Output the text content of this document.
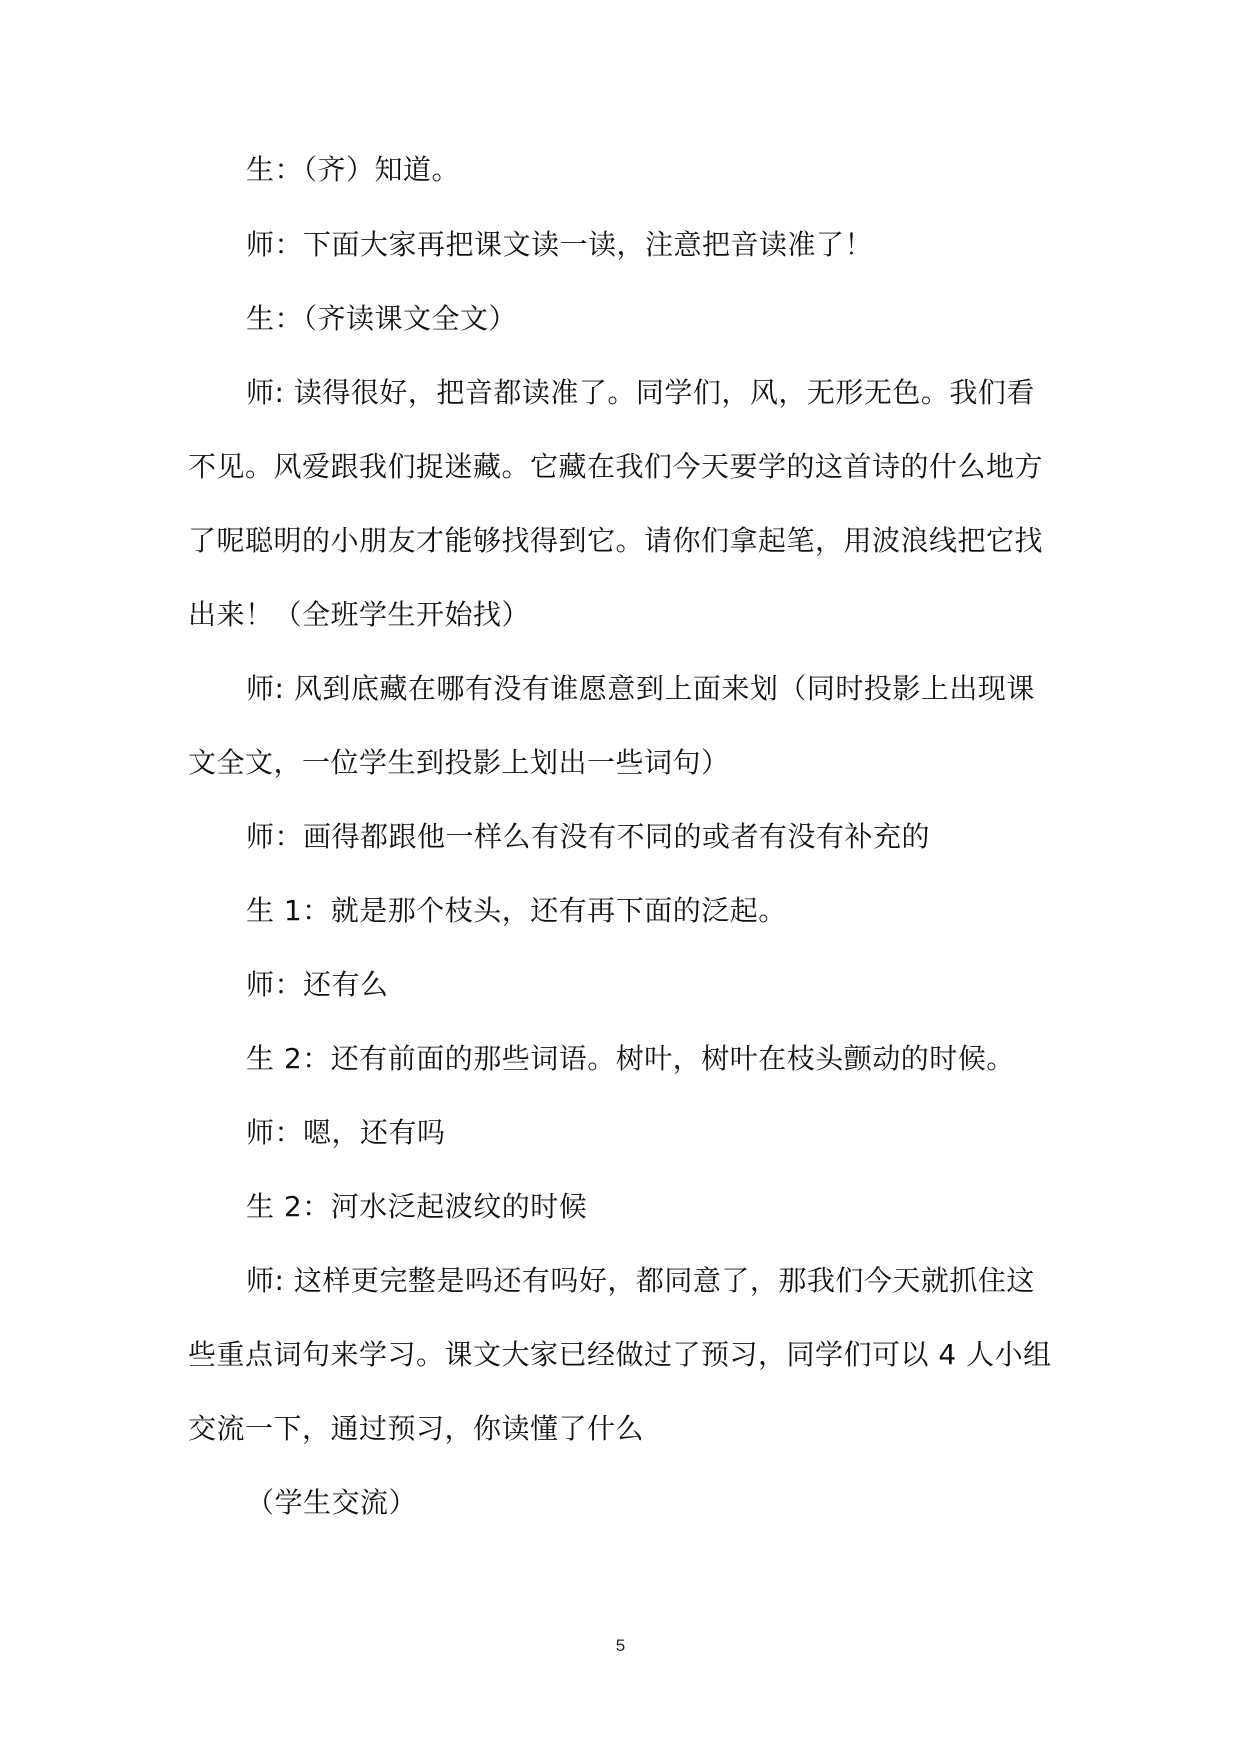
生：（齐）知道。

师：下面大家再把课文读一读，注意把音读准了！

生：（齐读课文全文）

师: 读得很好，把音都读准了。同学们，风，无形无色。我们看不见。风爱跟我们捉迷藏。它藏在我们今天要学的这首诗的什么地方了呢聪明的小朋友才能够找得到它。请你们拿起笔，用波浪线把它找出来！（全班学生开始找）

师: 风到底藏在哪有没有谁愿意到上面来划（同时投影上出现课文全文，一位学生到投影上划出一些词句）

师：画得都跟他一样么有没有不同的或者有没有补充的

生 1：就是那个枝头，还有再下面的泛起。

师：还有么

生 2：还有前面的那些词语。树叶，树叶在枝头颤动的时候。

师：嗯，还有吗

生 2：河水泛起波纹的时候

师: 这样更完整是吗还有吗好，都同意了，那我们今天就抓住这些重点词句来学习。课文大家已经做过了预习，同学们可以 4 人小组交流一下，通过预习，你读懂了什么

（学生交流）

5
